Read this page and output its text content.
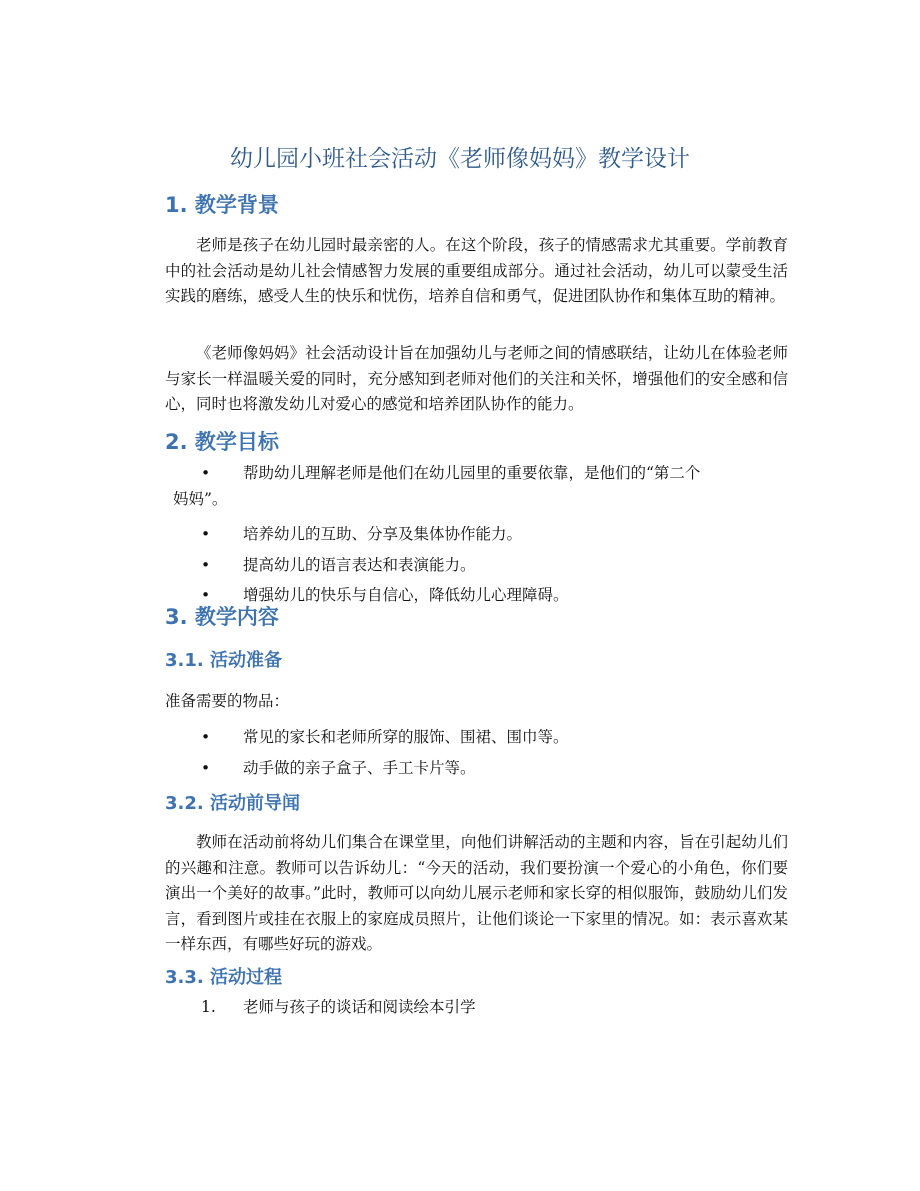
幼儿园小班社会活动《老师像妈妈》教学设计
1. 教学背景

老师是孩子在幼儿园时最亲密的人。在这个阶段，孩子的情感需求尤其重要。学前教育中的社会活动是幼儿社会情感智力发展的重要组成部分。通过社会活动，幼儿可以蒙受生活实践的磨练，感受人生的快乐和忧伤，培养自信和勇气，促进团队协作和集体互助的精神。

《老师像妈妈》社会活动设计旨在加强幼儿与老师之间的情感联结，让幼儿在体验老师与家长一样温暖关爱的同时，充分感知到老师对他们的关注和关怀，增强他们的安全感和信心，同时也将激发幼儿对爱心的感觉和培养团队协作的能力。

2. 教学目标
• 帮助幼儿理解老师是他们在幼儿园里的重要依靠，是他们的“第二个
妈妈”。
• 培养幼儿的互助、分享及集体协作能力。
• 提高幼儿的语言表达和表演能力。
• 增强幼儿的快乐与自信心，降低幼儿心理障碍。
3. 教学内容
3.1. 活动准备

准备需要的物品：

• 常见的家长和老师所穿的服饰、围裙、围巾等。
• 动手做的亲子盒子、手工卡片等。
3.2. 活动前导闻

教师在活动前将幼儿们集合在课堂里，向他们讲解活动的主题和内容，旨在引起幼儿们的兴趣和注意。教师可以告诉幼儿：“今天的活动，我们要扮演一个爱心的小角色，你们要演出一个美好的故事。”此时，教师可以向幼儿展示老师和家长穿的相似服饰，鼓励幼儿们发言，看到图片或挂在衣服上的家庭成员照片，让他们谈论一下家里的情况。如：表示喜欢某一样东西，有哪些好玩的游戏。

3.3. 活动过程
1. 老师与孩子的谈话和阅读绘本引学
